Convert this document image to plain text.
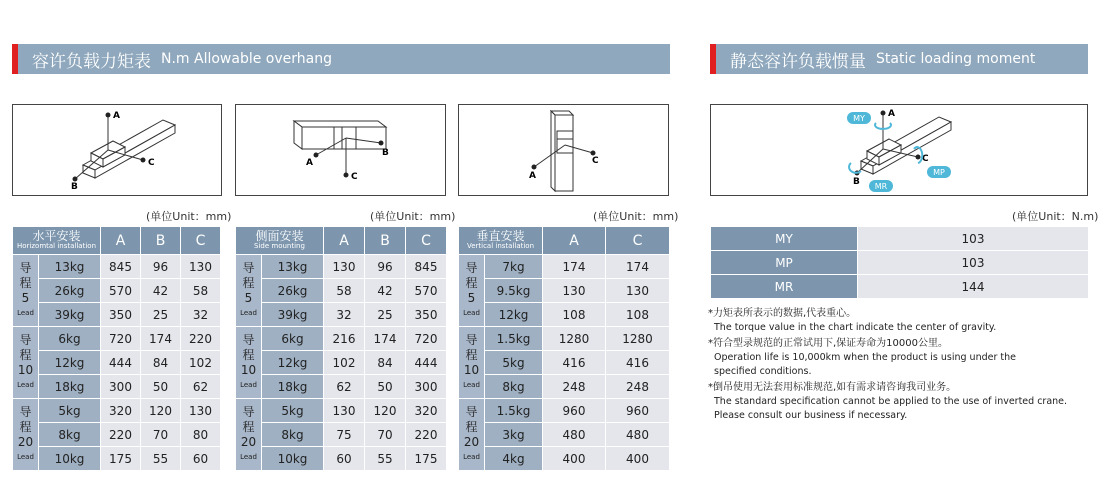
容许负载力矩表 N.m Allowable overhang	静态容许负载惯量 Static loading moment
A
C
B
A
C
B
A
C
A
C
B
MY
MP
MR
(单位Unit：mm)	(单位Unit：mm)	(单位Unit：mm)	(单位Unit：N.m)
水平安装
Horizomtal installation		A	B	C
导
程
5
Lead	13kg	845	96	130
	26kg	570	42	58
	39kg	350	25	32
导
程
10
Lead	6kg	720	174	220
	12kg	444	84	102
	18kg	300	50	62
导
程
20
Lead	5kg	320	120	130
	8kg	220	70	80
	10kg	175	55	60
侧面安装
Side mounting		A	B	C
导
程
5
Lead	13kg	130	96	845
	26kg	58	42	570
	39kg	32	25	350
导
程
10
Lead	6kg	216	174	720
	12kg	102	84	444
	18kg	62	50	300
导
程
20
Lead	5kg	130	120	320
	8kg	75	70	220
	10kg	60	55	175
垂直安装
Vertical installation		A	C
导
程
5
Lead	7kg	174	174
	9.5kg	130	130
	12kg	108	108
导
程
10
Lead	1.5kg	1280	1280
	5kg	416	416
	8kg	248	248
导
程
20
Lead	1.5kg	960	960
	3kg	480	480
	4kg	400	400
MY	103
MP	103
MR	144
*力矩表所表示的数据,代表重心。
The torque value in the chart indicate the center of gravity.
*符合型录规范的正常试用下,保证寿命为10000公里。
Operation life is 10,000km when the product is using under the
specified conditions.
*倒吊使用无法套用标准规范,如有需求请咨询我司业务。
The standard specification cannot be applied to the use of inverted crane.
Please consult our business if necessary.
